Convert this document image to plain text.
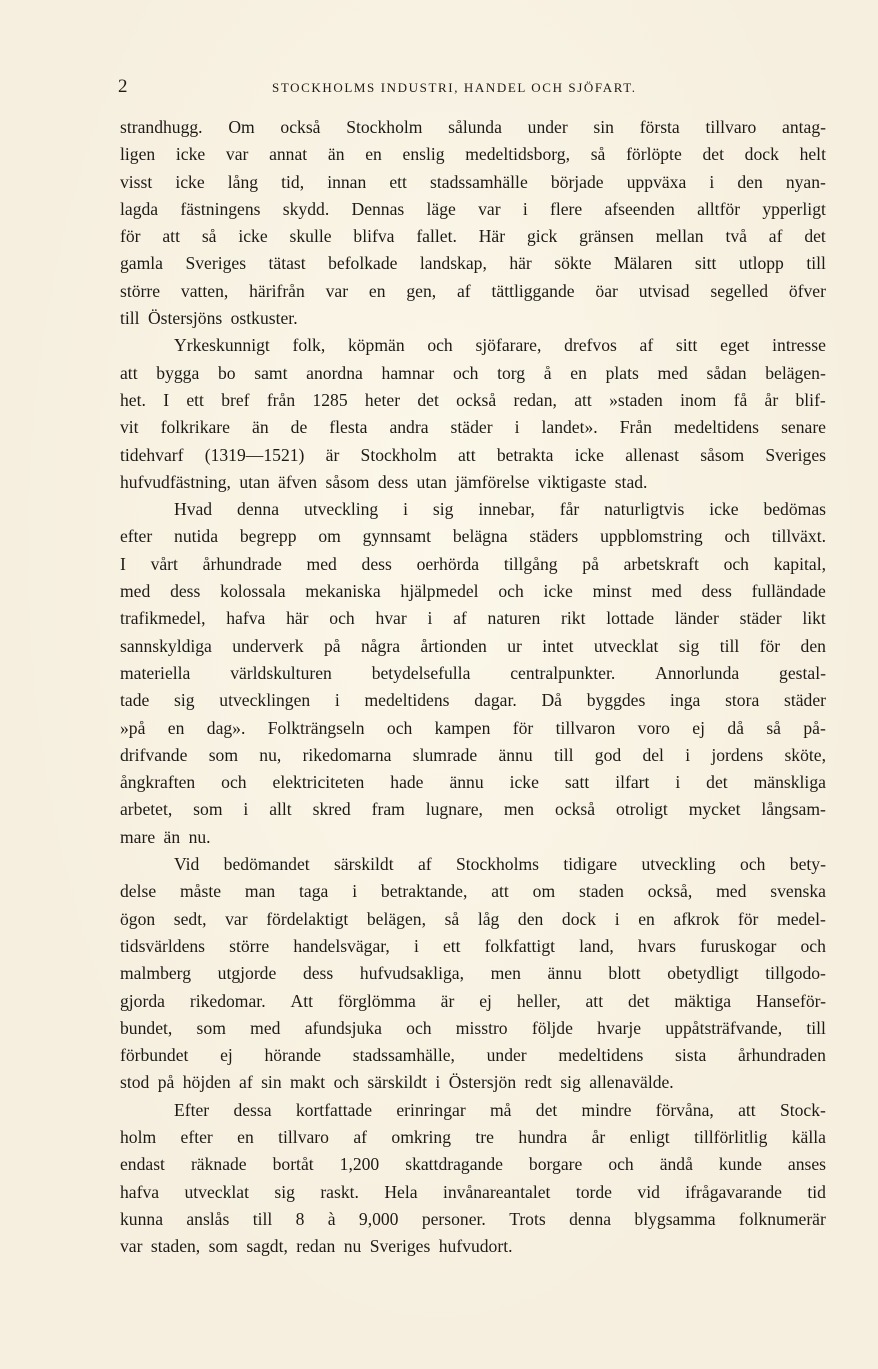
2	STOCKHOLMS INDUSTRI, HANDEL OCH SJÖFART.
strandhugg. Om också Stockholm sålunda under sin första tillvaro antag-
ligen icke var annat än en enslig medeltidsborg, så förlöpte det dock helt
visst icke lång tid, innan ett stadssamhälle började uppväxa i den nyan-
lagda fästningens skydd. Dennas läge var i flere afseenden alltför ypperligt
för att så icke skulle blifva fallet. Här gick gränsen mellan två af det
gamla Sveriges tätast befolkade landskap, här sökte Mälaren sitt utlopp till
större vatten, härifrån var en gen, af tättliggande öar utvisad segelled öfver
till Östersjöns ostkuster.
Yrkeskunnigt folk, köpmän och sjöfarare, drefvos af sitt eget intresse
att bygga bo samt anordna hamnar och torg å en plats med sådan belägen-
het. I ett bref från 1285 heter det också redan, att »staden inom få år blif-
vit folkrikare än de flesta andra städer i landet». Från medeltidens senare
tidehvarf (1319—1521) är Stockholm att betrakta icke allenast såsom Sveriges
hufvudfästning, utan äfven såsom dess utan jämförelse viktigaste stad.
Hvad denna utveckling i sig innebar, får naturligtvis icke bedömas
efter nutida begrepp om gynnsamt belägna städers uppblomstring och tillväxt.
I vårt århundrade med dess oerhörda tillgång på arbetskraft och kapital,
med dess kolossala mekaniska hjälpmedel och icke minst med dess fulländade
trafikmedel, hafva här och hvar i af naturen rikt lottade länder städer likt
sannskyldiga underverk på några årtionden ur intet utvecklat sig till för den
materiella världskulturen betydelsefulla centralpunkter. Annorlunda gestal-
tade sig utvecklingen i medeltidens dagar. Då byggdes inga stora städer
»på en dag». Folkträngseln och kampen för tillvaron voro ej då så på-
drifvande som nu, rikedomarna slumrade ännu till god del i jordens sköte,
ångkraften och elektriciteten hade ännu icke satt ilfart i det mänskliga
arbetet, som i allt skred fram lugnare, men också otroligt mycket långsam-
mare än nu.
Vid bedömandet särskildt af Stockholms tidigare utveckling och bety-
delse måste man taga i betraktande, att om staden också, med svenska
ögon sedt, var fördelaktigt belägen, så låg den dock i en afkrok för medel-
tidsvärldens större handelsvägar, i ett folkfattigt land, hvars furuskogar och
malmberg utgjorde dess hufvudsakliga, men ännu blott obetydligt tillgodo-
gjorda rikedomar. Att förglömma är ej heller, att det mäktiga Hanseför-
bundet, som med afundsjuka och misstro följde hvarje uppåtsträfvande, till
förbundet ej hörande stadssamhälle, under medeltidens sista århundraden
stod på höjden af sin makt och särskildt i Östersjön redt sig allenavälde.
Efter dessa kortfattade erinringar må det mindre förvåna, att Stock-
holm efter en tillvaro af omkring tre hundra år enligt tillförlitlig källa
endast räknade bortåt 1,200 skattdragande borgare och ändå kunde anses
hafva utvecklat sig raskt. Hela invånareantalet torde vid ifrågavarande tid
kunna anslås till 8 à 9,000 personer. Trots denna blygsamma folknumerär
var staden, som sagdt, redan nu Sveriges hufvudort.
